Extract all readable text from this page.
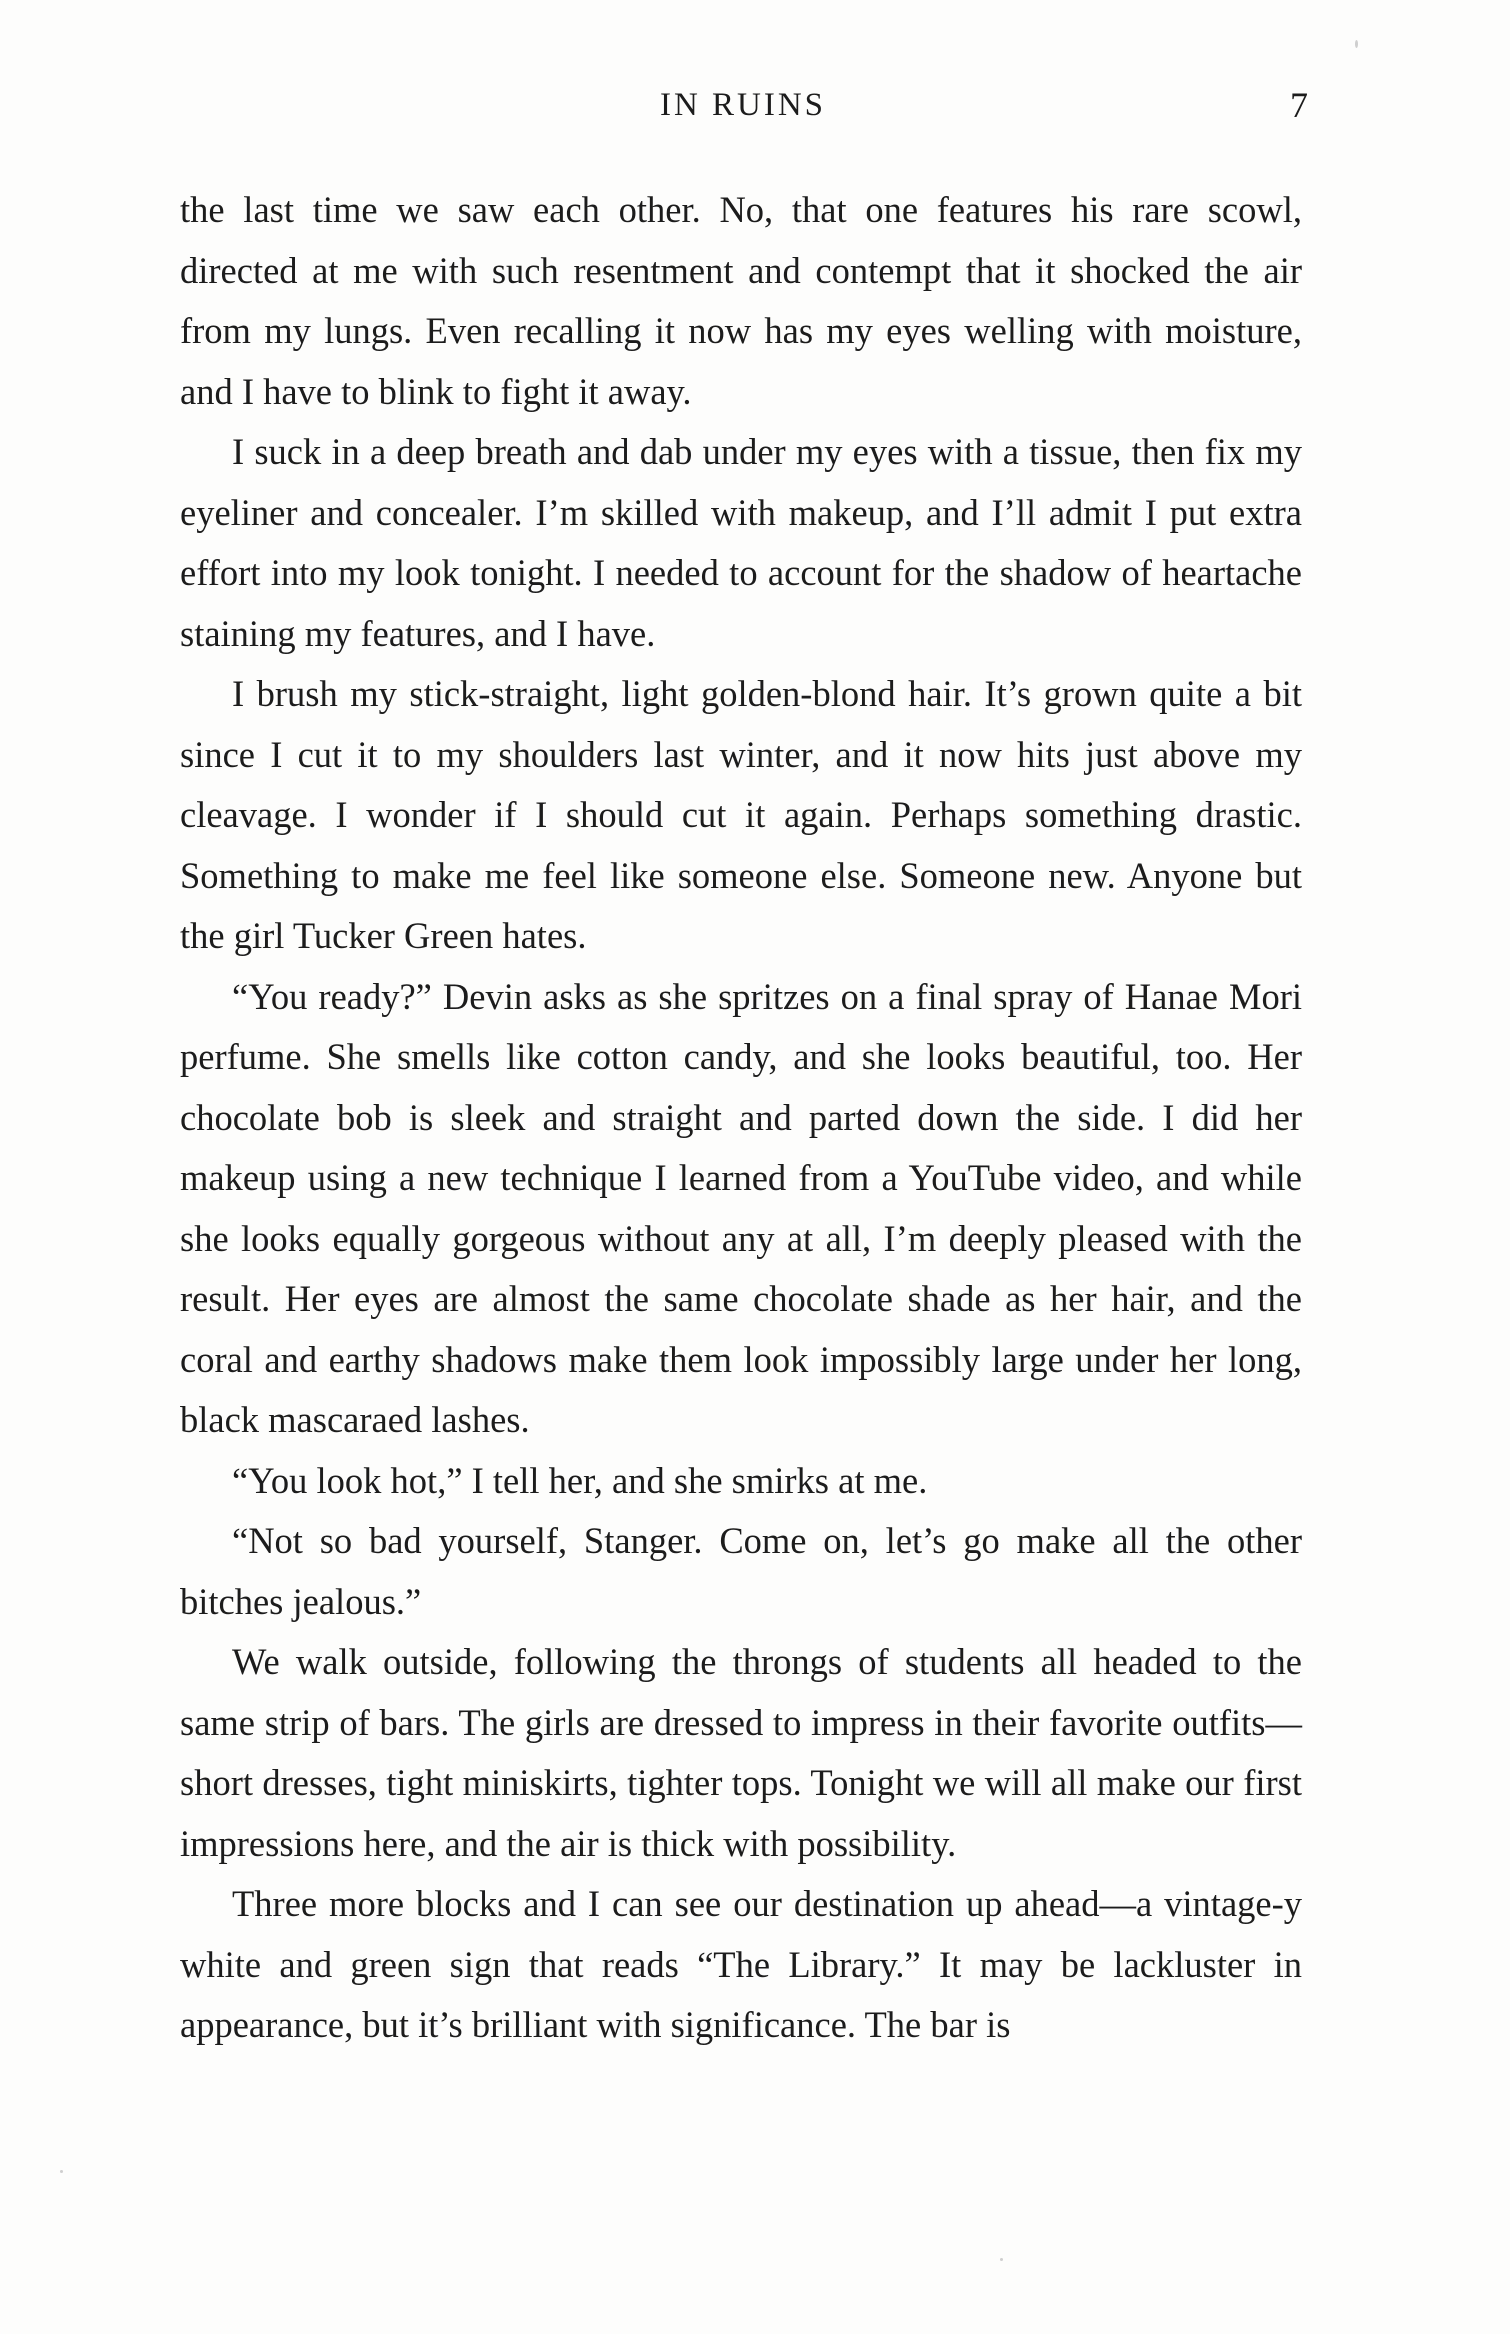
IN RUINS	7

the last time we saw each other. No, that one features his rare scowl, directed at me with such resentment and contempt that it shocked the air from my lungs. Even recalling it now has my eyes welling with moisture, and I have to blink to fight it away.

I suck in a deep breath and dab under my eyes with a tissue, then fix my eyeliner and concealer. I’m skilled with makeup, and I’ll admit I put extra effort into my look tonight. I needed to account for the shadow of heartache staining my features, and I have.

I brush my stick-straight, light golden-blond hair. It’s grown quite a bit since I cut it to my shoulders last winter, and it now hits just above my cleavage. I wonder if I should cut it again. Perhaps something drastic. Something to make me feel like someone else. Someone new. Anyone but the girl Tucker Green hates.

“You ready?” Devin asks as she spritzes on a final spray of Hanae Mori perfume. She smells like cotton candy, and she looks beautiful, too. Her chocolate bob is sleek and straight and parted down the side. I did her makeup using a new technique I learned from a YouTube video, and while she looks equally gorgeous without any at all, I’m deeply pleased with the result. Her eyes are almost the same chocolate shade as her hair, and the coral and earthy shadows make them look impossibly large under her long, black mascaraed lashes.

“You look hot,” I tell her, and she smirks at me.

“Not so bad yourself, Stanger. Come on, let’s go make all the other bitches jealous.”

We walk outside, following the throngs of students all headed to the same strip of bars. The girls are dressed to impress in their favorite outfits—short dresses, tight miniskirts, tighter tops. Tonight we will all make our first impressions here, and the air is thick with possibility.

Three more blocks and I can see our destination up ahead—a vintage-y white and green sign that reads “The Library.” It may be lackluster in appearance, but it’s brilliant with significance. The bar is
